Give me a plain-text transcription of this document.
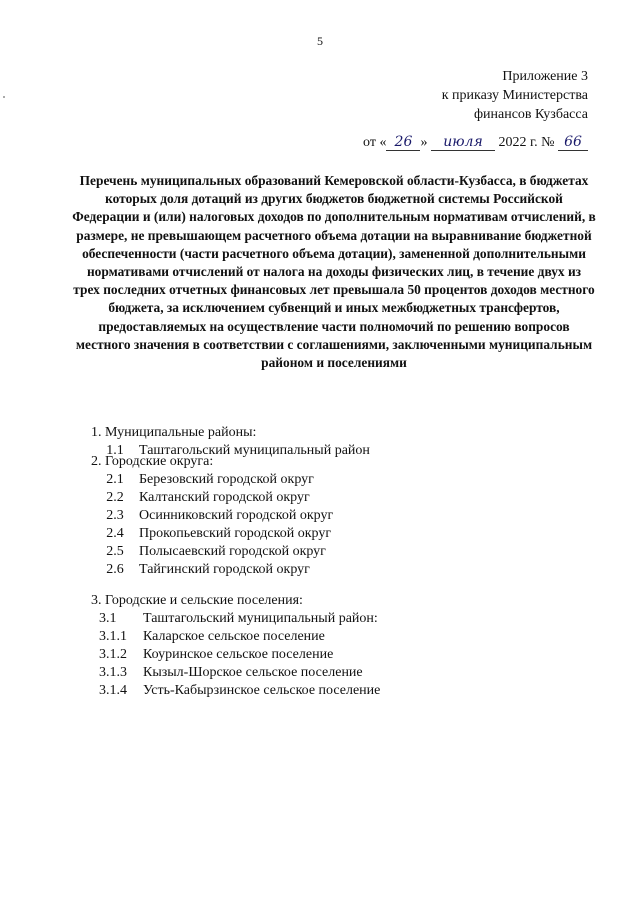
5
Приложение 3
к приказу Министерства
финансов Кузбасса
от « 26 » июля 2022 г. № 66

Перечень муниципальных образований Кемеровской области-Кузбасса, в бюджетах которых доля дотаций из других бюджетов бюджетной системы Российской Федерации и (или) налоговых доходов по дополнительным нормативам отчислений, в размере, не превышающем расчетного объема дотации на выравнивание бюджетной обеспеченности (части расчетного объема дотации), замененной дополнительными нормативами отчислений от налога на доходы физических лиц, в течение двух из трех последних отчетных финансовых лет превышала 50 процентов доходов местного бюджета, за исключением субвенций и иных межбюджетных трансфертов, предоставляемых на осуществление части полномочий по решению вопросов местного значения в соответствии с соглашениями, заключенными муниципальным районом и поселениями

1. Муниципальные районы:
1.1	Таштагольский муниципальный район
2. Городские округа:
2.1	Березовский городской округ
2.2	Калтанский городской округ
2.3	Осинниковский городской округ
2.4	Прокопьевский городской округ
2.5	Полысаевский городской округ
2.6	Тайгинский городской округ
3. Городские и сельские поселения:
3.1	Таштагольский муниципальный район:
3.1.1	Каларское сельское поселение
3.1.2	Коуринское сельское поселение
3.1.3	Кызыл-Шорское сельское поселение
3.1.4	Усть-Кабырзинское сельское поселение
